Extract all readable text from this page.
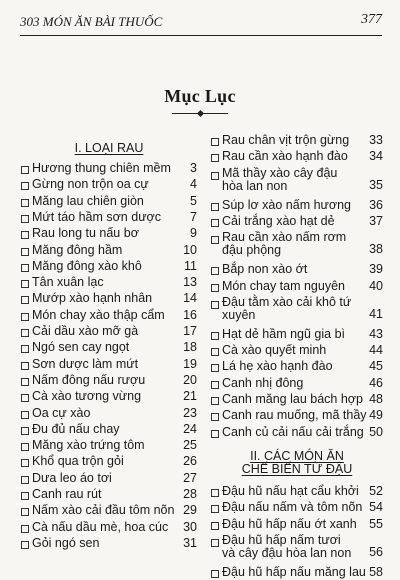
303 MÓN ĂN BÀI THUỐC	377
Mục Lục
I. LOẠI RAU
Hương thung chiên mềm 3
Gừng non trộn oa cự	4
Măng lau chiên giòn	5
Mứt táo hầm sơn dược 7
Rau long tu nấu bơ	9
Măng đông hầm	10
Măng đông xào khô	11
Tân xuân lạc	13
Mướp xào hạnh nhân 14
Món chay xào thập cẩm 16
Cải dầu xào mỡ gà	17
Ngó sen cay ngọt	18
Sơn dược làm mứt	19
Nấm đông nấu rượu	20
Cà xào tương vừng	21
Oa cự xào	23
Đu đủ nấu chay	24
Măng xào trứng tôm	25
Khổ qua trộn gỏi	26
Dưa leo áo tơi	27
Canh rau rút	28
Nấm xào cải đầu tôm nõn 29
Cà nấu dầu mè, hoa cúc 30
Gỏi ngó sen	31
Rau chân vịt trộn gừng 33
Rau cần xào hạnh đào 34
Mã thầy xào cây đậu hòa lan non	35
Súp lơ xào nấm hương 36
Cải trắng xào hạt dẻ	37
Rau cần xào nấm rơm đậu phộng	38
Bắp non xào ớt	39
Món chay tam nguyên 40
Đậu tằm xào cải khô tứ xuyên	41
Hạt dẻ hầm ngũ gia bì 43
Cà xào quyết minh	44
Lá hẹ xào hạnh đào	45
Canh nhị đông	46
Canh măng lau bách hợp 48
Canh rau muống, mã thầy 49
Canh củ cải nấu cải trắng 50
II. CÁC MÓN ĂN
CHẾ BIẾN TỪ ĐẬU
Đậu hũ nấu hạt cẩu khởi 52
Đậu nấu nấm và tôm nõn 54
Đậu hũ hấp nấu ớt xanh 55
Đậu hũ hấp nấm tươi và cây đậu hòa lan non	56
Đậu hũ hấp nấu măng lau 58
